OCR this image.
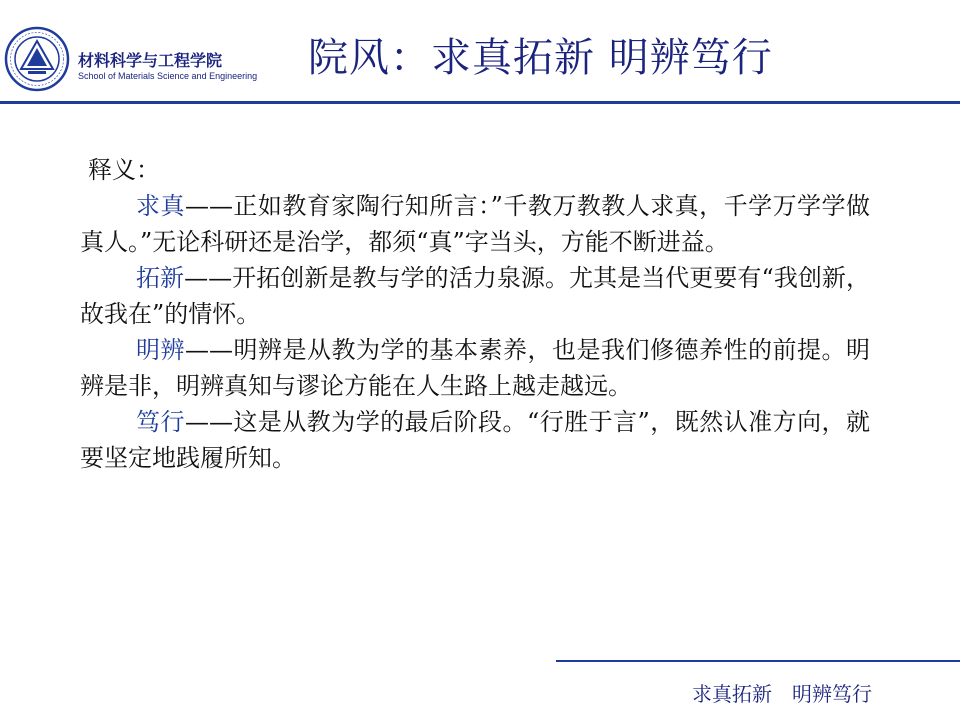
材料科学与工程学院
School of Materials Science and Engineering 院风：求真拓新 明辨笃行

释义：

求真——正如教育家陶行知所言：”千教万教教人求真，千学万学学做真人。”无论科研还是治学，都须“真”字当头，方能不断进益。

拓新——开拓创新是教与学的活力泉源。尤其是当代更要有“我创新，故我在”的情怀。

明辨——明辨是从教为学的基本素养，也是我们修德养性的前提。明辨是非，明辨真知与谬论方能在人生路上越走越远。

笃行——这是从教为学的最后阶段。“行胜于言”，既然认准方向，就要坚定地践履所知。

求真拓新　明辨笃行
